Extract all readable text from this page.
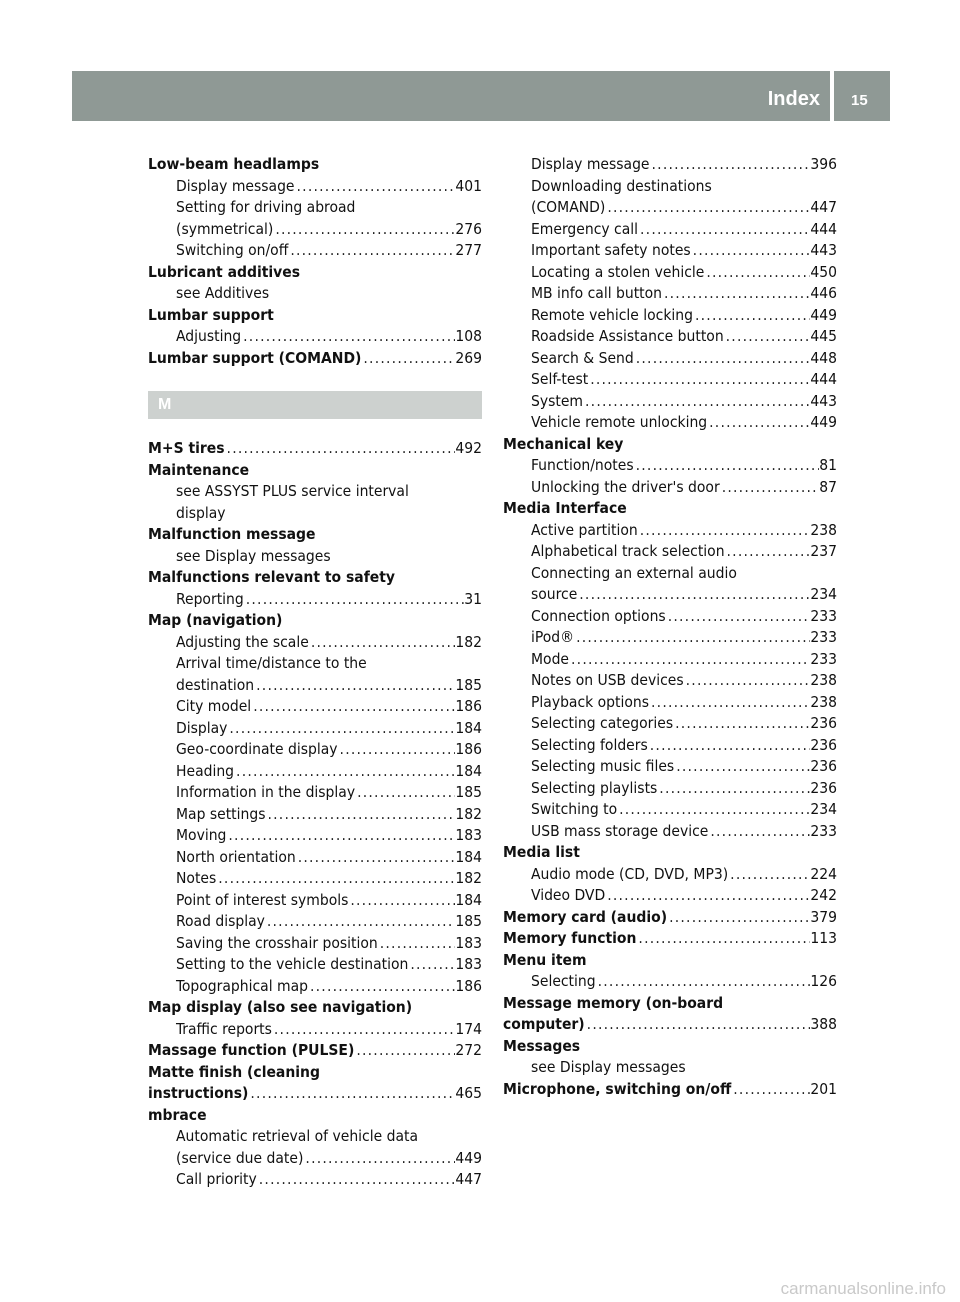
Index 15
Low-beam headlamps
Display message . . .	401
Setting for driving abroad
(symmetrical) . . .	276
Switching on/off . . .	277
Lubricant additives
see Additives
Lumbar support
Adjusting . . .	108
Lumbar support (COMAND) . . .	269
M
M+S tires . . .	492
Maintenance
see ASSYST PLUS service interval
display
Malfunction message
see Display messages
Malfunctions relevant to safety
Reporting . . .	31
Map (navigation)
Adjusting the scale . . .	182
Arrival time/distance to the
destination . . .	185
City model . . .	186
Display . . .	184
Geo-coordinate display . . .	186
Heading . . .	184
Information in the display . . .	185
Map settings . . .	182
Moving . . .	183
North orientation . . .	184
Notes . . .	182
Point of interest symbols . . .	184
Road display . . .	185
Saving the crosshair position . . .	183
Setting to the vehicle destination . . .	183
Topographical map . . .	186
Map display (also see navigation)
Traffic reports . . .	174
Massage function (PULSE) . . .	272
Matte finish (cleaning
instructions) . . .	465
mbrace
Automatic retrieval of vehicle data
(service due date) . . .	449
Call priority . . .	447
Display message . . .	396
Downloading destinations
(COMAND) . . .	447
Emergency call . . .	444
Important safety notes . . .	443
Locating a stolen vehicle . . .	450
MB info call button . . .	446
Remote vehicle locking . . .	449
Roadside Assistance button . . .	445
Search & Send . . .	448
Self-test . . .	444
System . . .	443
Vehicle remote unlocking . . .	449
Mechanical key
Function/notes . . .	81
Unlocking the driver's door . . .	87
Media Interface
Active partition . . .	238
Alphabetical track selection . . .	237
Connecting an external audio
source . . .	234
Connection options . . .	233
iPod® . . .	233
Mode . . .	233
Notes on USB devices . . .	238
Playback options . . .	238
Selecting categories . . .	236
Selecting folders . . .	236
Selecting music files . . .	236
Selecting playlists . . .	236
Switching to . . .	234
USB mass storage device . . .	233
Media list
Audio mode (CD, DVD, MP3) . . .	224
Video DVD . . .	242
Memory card (audio) . . .	379
Memory function . . .	113
Menu item
Selecting . . .	126
Message memory (on-board
computer) . . .	388
Messages
see Display messages
Microphone, switching on/off . . .	201
carmanualsonline.info
